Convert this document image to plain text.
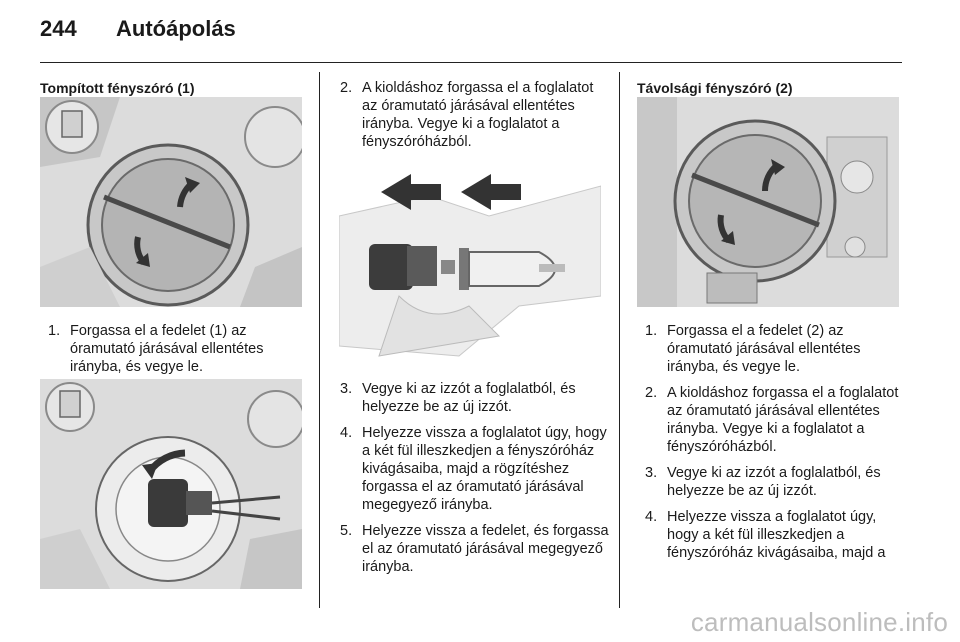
244 Autóápolás
Tompított fényszóró (1)
1. Forgassa el a fedelet (1) az óramutató járásával ellentétes irányba, és vegye le.
2. A kioldáshoz forgassa el a foglalatot az óramutató járásával ellentétes irányba. Vegye ki a foglalatot a fényszóróházból.
3. Vegye ki az izzót a foglalatból, és helyezze be az új izzót.
4. Helyezze vissza a foglalatot úgy, hogy a két fül illeszkedjen a fényszóróház kivágásaiba, majd a rögzítéshez forgassa el az óramutató járásával megegyező irányba.
5. Helyezze vissza a fedelet, és forgassa el az óramutató járásával megegyező irányba.
Távolsági fényszóró (2)
1. Forgassa el a fedelet (2) az óramutató járásával ellentétes irányba, és vegye le.
2. A kioldáshoz forgassa el a foglalatot az óramutató járásával ellentétes irányba. Vegye ki a foglalatot a fényszóróházból.
3. Vegye ki az izzót a foglalatból, és helyezze be az új izzót.
4. Helyezze vissza a foglalatot úgy, hogy a két fül illeszkedjen a fényszóróház kivágásaiba, majd a
carmanualsonline.info
